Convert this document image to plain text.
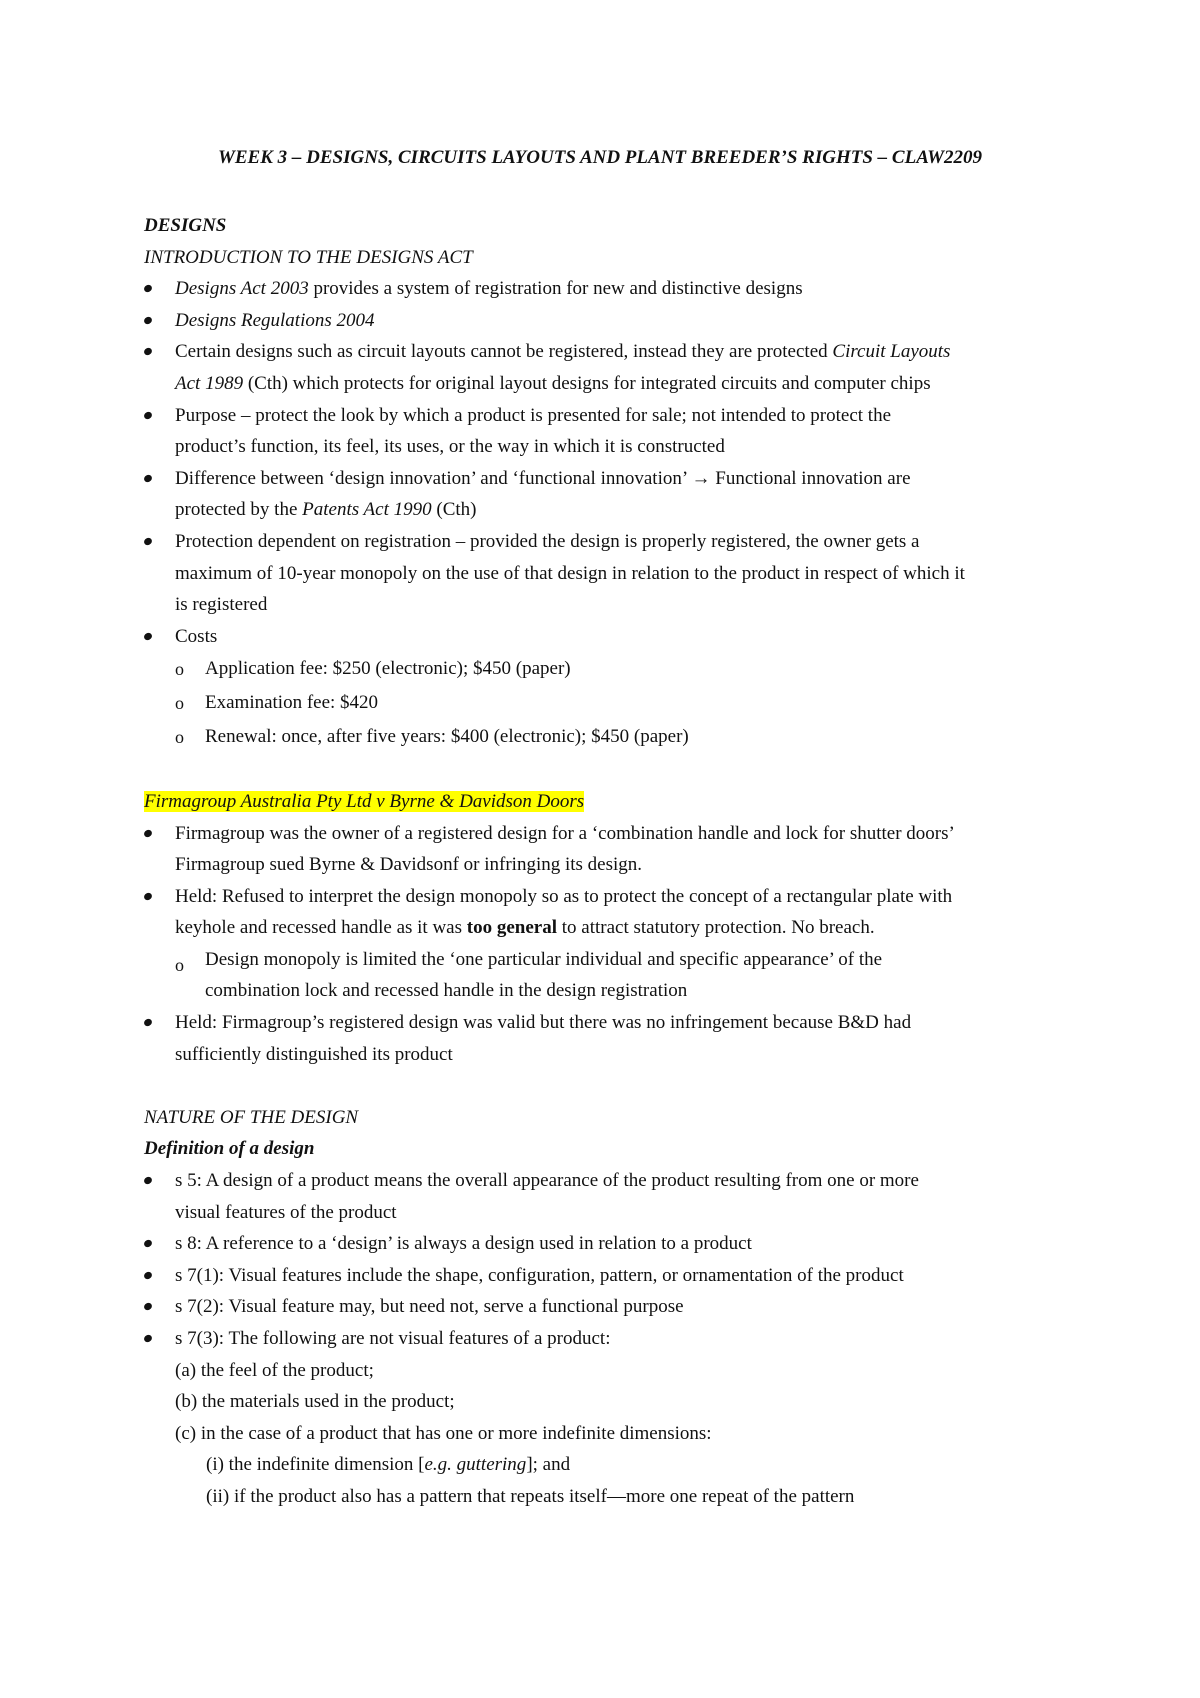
WEEK 3 – DESIGNS, CIRCUITS LAYOUTS AND PLANT BREEDER’S RIGHTS – CLAW2209
DESIGNS
INTRODUCTION TO THE DESIGNS ACT
Designs Act 2003 provides a system of registration for new and distinctive designs
Designs Regulations 2004
Certain designs such as circuit layouts cannot be registered, instead they are protected Circuit Layouts
Act 1989 (Cth) which protects for original layout designs for integrated circuits and computer chips
Purpose – protect the look by which a product is presented for sale; not intended to protect the
product’s function, its feel, its uses, or the way in which it is constructed
Difference between ‘design innovation’ and ‘functional innovation’ → Functional innovation are
protected by the Patents Act 1990 (Cth)
Protection dependent on registration – provided the design is properly registered, the owner gets a
maximum of 10-year monopoly on the use of that design in relation to the product in respect of which it
is registered
Costs
o Application fee: $250 (electronic); $450 (paper)
o Examination fee: $420
o Renewal: once, after five years: $400 (electronic); $450 (paper)
Firmagroup Australia Pty Ltd v Byrne & Davidson Doors
Firmagroup was the owner of a registered design for a ‘combination handle and lock for shutter doors’
Firmagroup sued Byrne & Davidsonf or infringing its design.
Held: Refused to interpret the design monopoly so as to protect the concept of a rectangular plate with
keyhole and recessed handle as it was too general to attract statutory protection. No breach.
o Design monopoly is limited the ‘one particular individual and specific appearance’ of the
combination lock and recessed handle in the design registration
Held: Firmagroup’s registered design was valid but there was no infringement because B&D had
sufficiently distinguished its product
NATURE OF THE DESIGN
Definition of a design
s 5: A design of a product means the overall appearance of the product resulting from one or more
visual features of the product
s 8: A reference to a ‘design’ is always a design used in relation to a product
s 7(1): Visual features include the shape, configuration, pattern, or ornamentation of the product
s 7(2): Visual feature may, but need not, serve a functional purpose
s 7(3): The following are not visual features of a product:
(a) the feel of the product;
(b) the materials used in the product;
(c) in the case of a product that has one or more indefinite dimensions:
(i) the indefinite dimension [e.g. guttering]; and
(ii) if the product also has a pattern that repeats itself—more one repeat of the pattern
